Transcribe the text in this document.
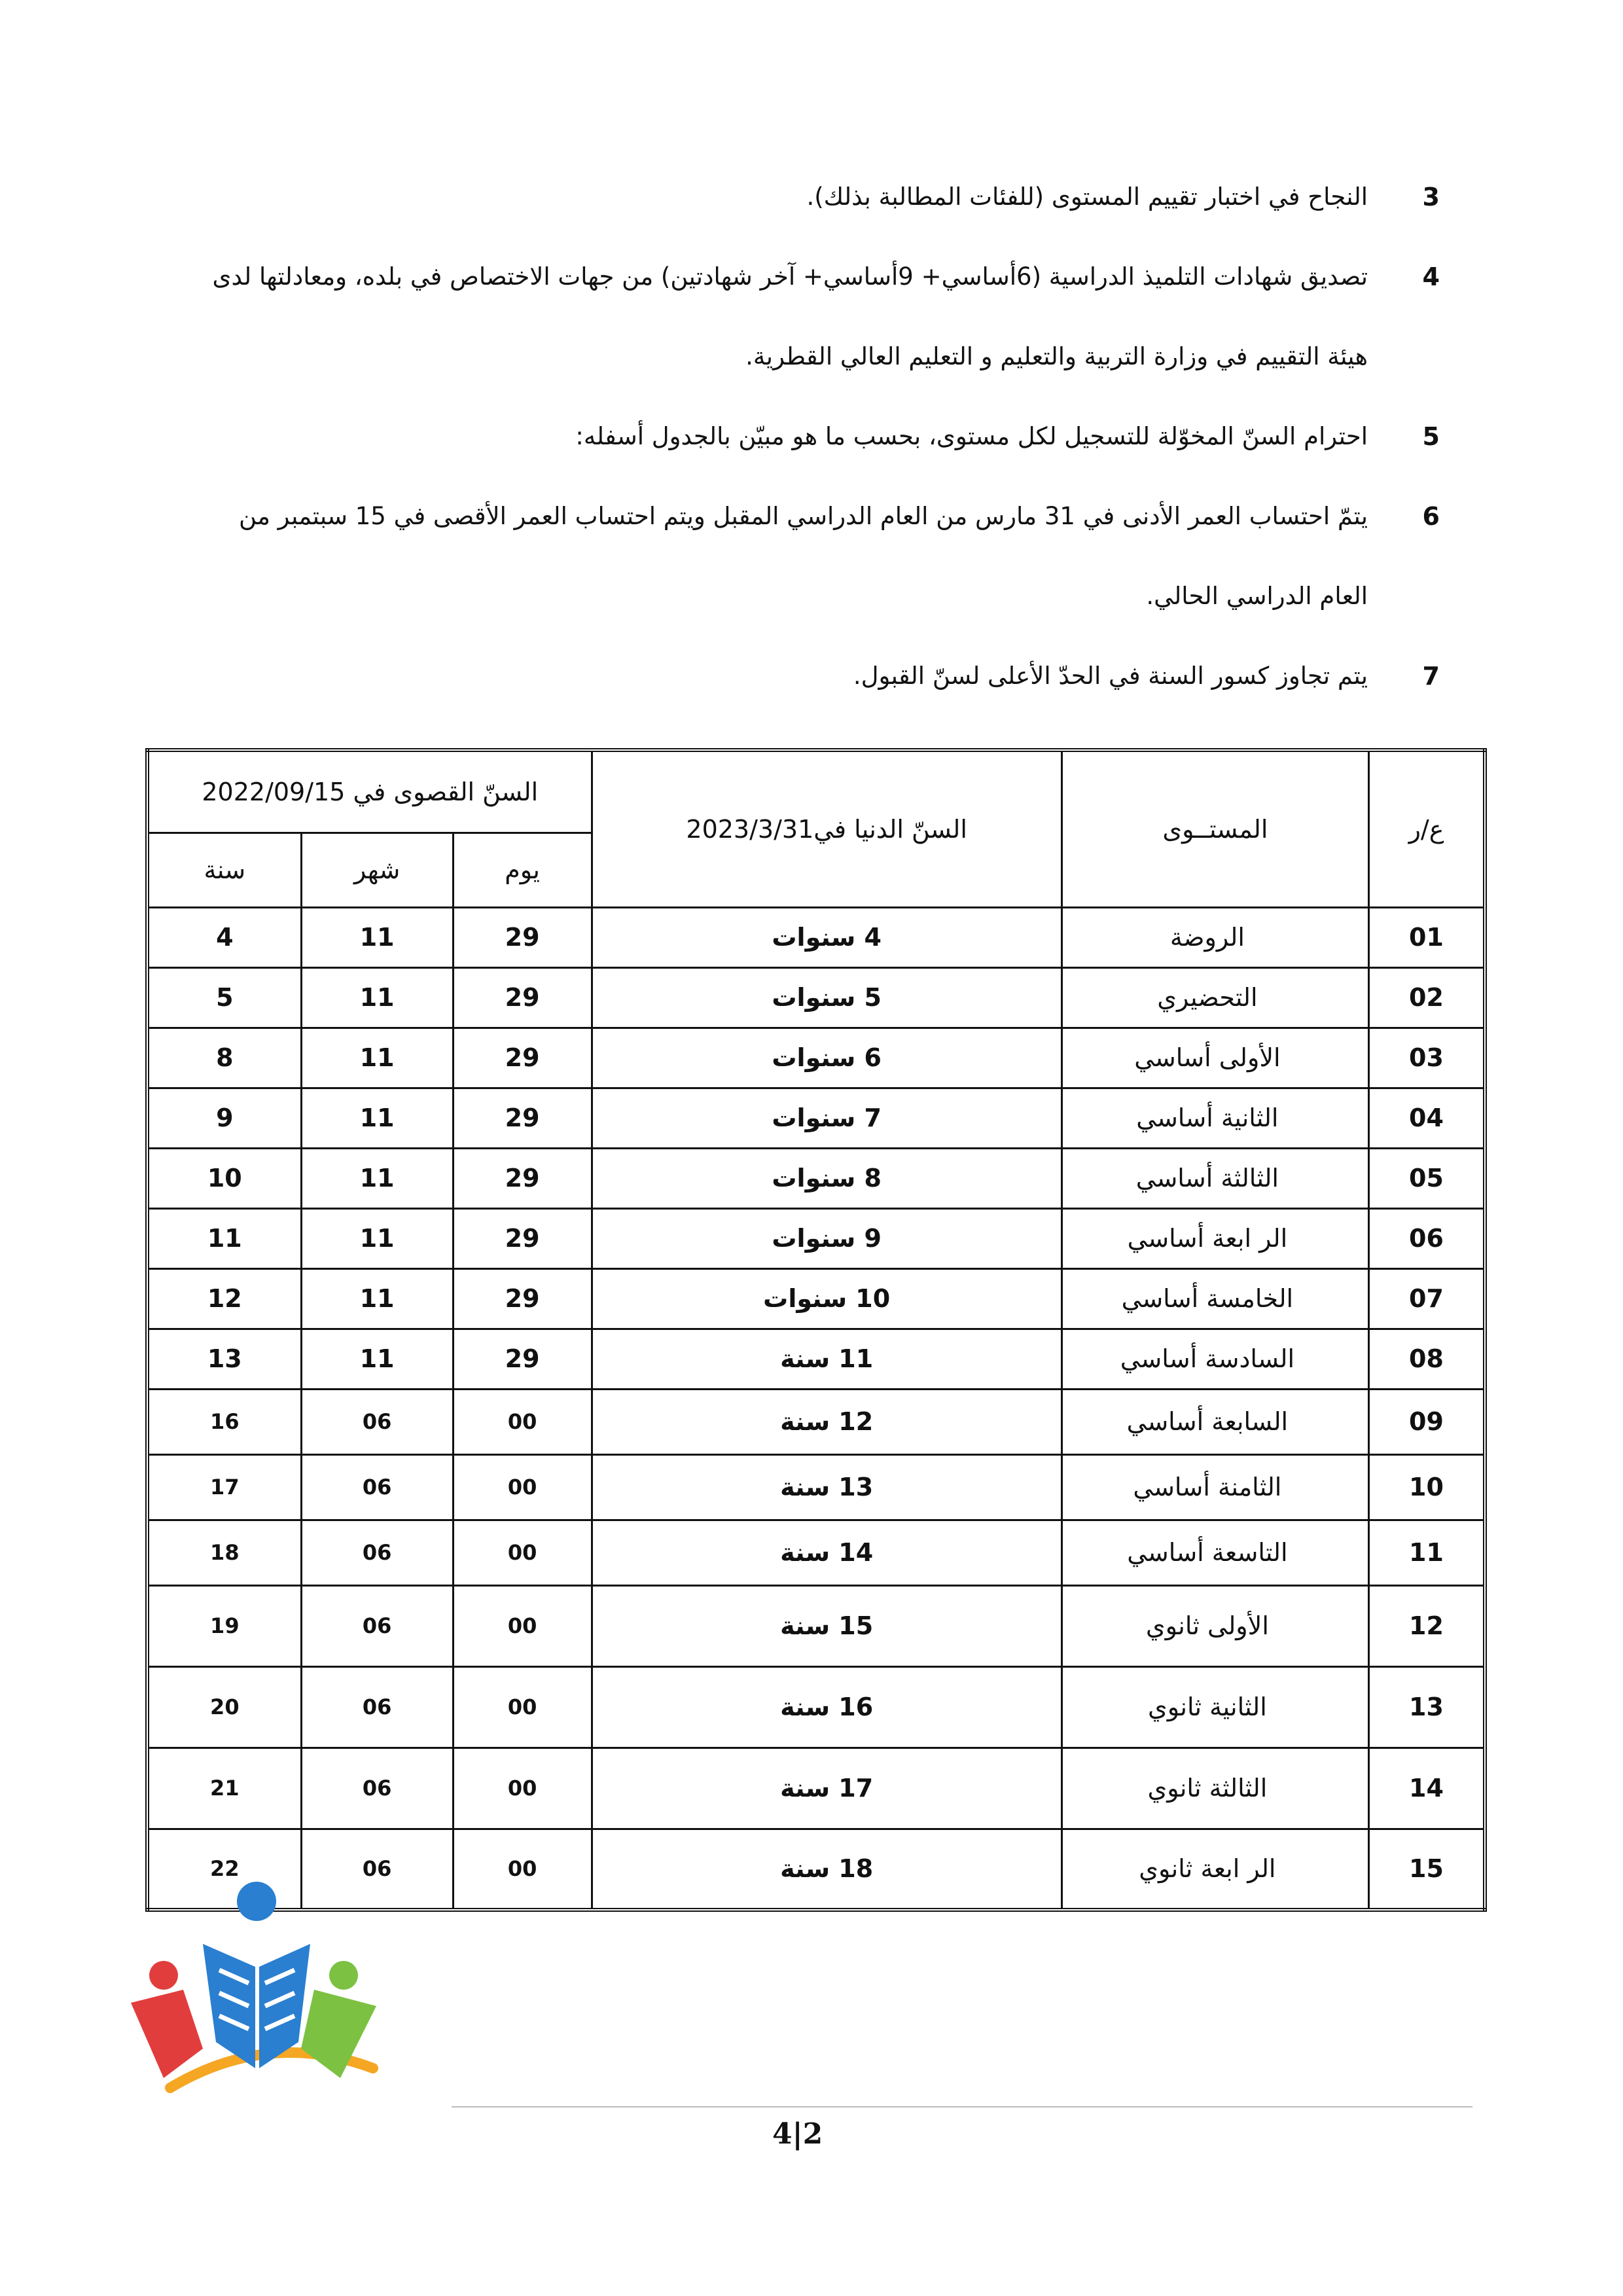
3
النجاح في اختبار تقييم المستوى (للفئات المطالبة بذلك).
4
تصديق شهادات التلميذ الدراسية (6أساسي+ 9أساسي+ آخر شهادتين) من جهات الاختصاص في بلده، ومعادلتها لدى هيئة التقييم في وزارة التربية والتعليم و التعليم العالي القطرية.
5
احترام السنّ المخوّلة للتسجيل لكل مستوى، بحسب ما هو مبيّن بالجدول أسفله:
6
يتمّ احتساب العمر الأدنى في 31 مارس من العام الدراسي المقبل ويتم احتساب العمر الأقصى في 15 سبتمبر من العام الدراسي الحالي.
7
يتم تجاوز كسور السنة في الحدّ الأعلى لسنّ القبول.
ع/ر	المستــوى	السنّ الدنيا في2023/3/31	السنّ القصوى في 2022/09/15		
			يوم	شهر	سنة
01	الروضة	4 سنوات	29	11	4
02	التحضيري	5 سنوات	29	11	5
03	الأولى أساسي	6 سنوات	29	11	8
04	الثانية أساسي	7 سنوات	29	11	9
05	الثالثة أساسي	8 سنوات	29	11	10
06	الر ابعة أساسي	9 سنوات	29	11	11
07	الخامسة أساسي	10 سنوات	29	11	12
08	السادسة أساسي	11 سنة	29	11	13
09	السابعة أساسي	12 سنة	00	06	16
10	الثامنة أساسي	13 سنة	00	06	17
11	التاسعة أساسي	14 سنة	00	06	18
12	الأولى ثانوي	15 سنة	00	06	19
13	الثانية ثانوي	16 سنة	00	06	20
14	الثالثة ثانوي	17 سنة	00	06	21
15	الر ابعة ثانوي	18 سنة	00	06	22
2|4
